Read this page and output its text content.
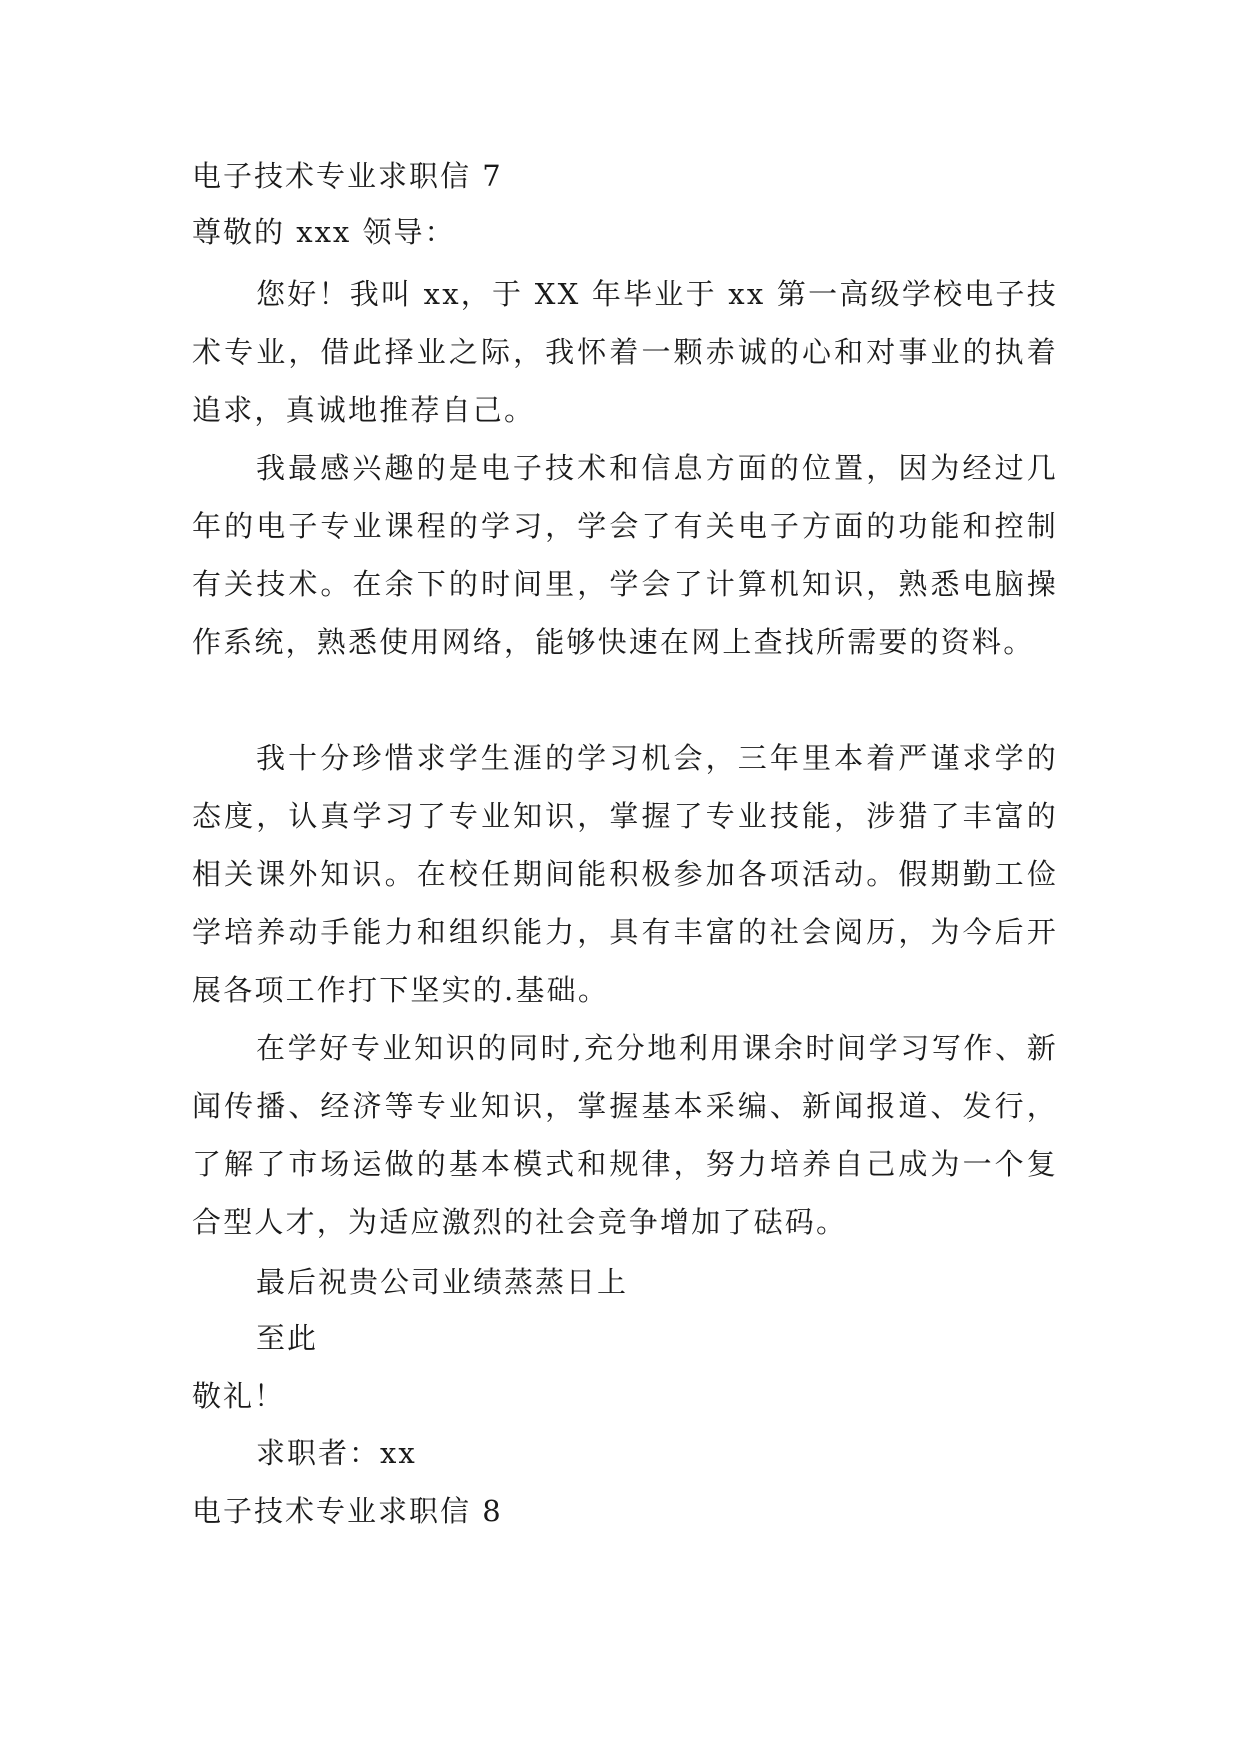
电子技术专业求职信 7
尊敬的 xxx 领导：
您好！我叫 xx，于 XX 年毕业于 xx 第一高级学校电子技术专业，借此择业之际，我怀着一颗赤诚的心和对事业的执着追求，真诚地推荐自己。
我最感兴趣的是电子技术和信息方面的位置，因为经过几年的电子专业课程的学习，学会了有关电子方面的功能和控制有关技术。在余下的时间里，学会了计算机知识，熟悉电脑操作系统，熟悉使用网络，能够快速在网上查找所需要的资料。
我十分珍惜求学生涯的学习机会，三年里本着严谨求学的态度，认真学习了专业知识，掌握了专业技能，涉猎了丰富的相关课外知识。在校任期间能积极参加各项活动。假期勤工俭学培养动手能力和组织能力，具有丰富的社会阅历，为今后开展各项工作打下坚实的.基础。
在学好专业知识的同时,充分地利用课余时间学习写作、新闻传播、经济等专业知识，掌握基本采编、新闻报道、发行，了解了市场运做的基本模式和规律，努力培养自己成为一个复合型人才，为适应激烈的社会竞争增加了砝码。
最后祝贵公司业绩蒸蒸日上
至此
敬礼！
求职者：xx
电子技术专业求职信 8
